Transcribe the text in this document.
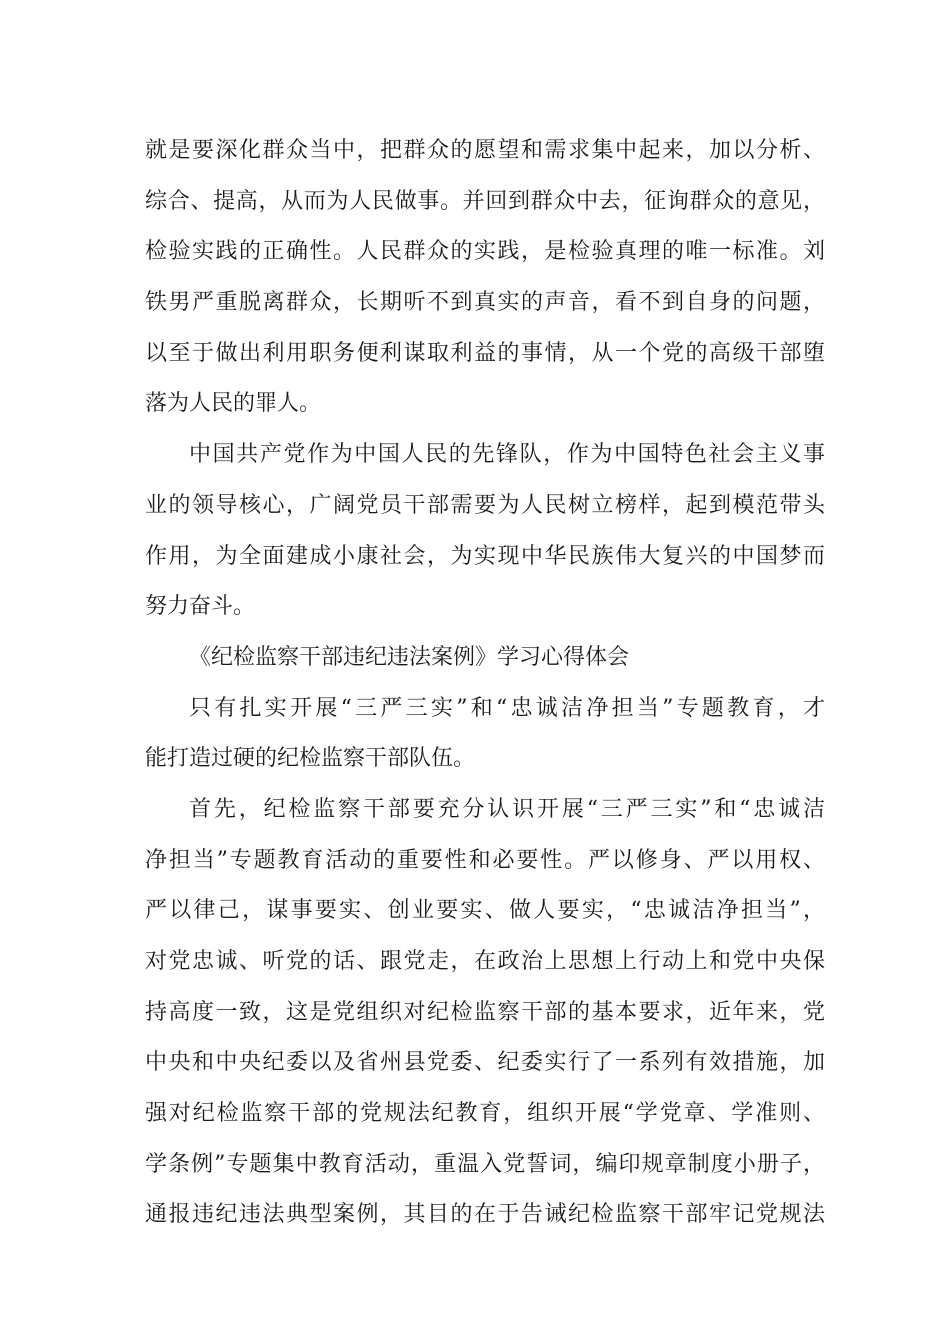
就是要深化群众当中，把群众的愿望和需求集中起来，加以分析、
综合、提高，从而为人民做事。并回到群众中去，征询群众的意见，
检验实践的正确性。人民群众的实践，是检验真理的唯一标准。刘
铁男严重脱离群众，长期听不到真实的声音，看不到自身的问题，
以至于做出利用职务便利谋取利益的事情，从一个党的高级干部堕
落为人民的罪人。
中国共产党作为中国人民的先锋队，作为中国特色社会主义事
业的领导核心，广阔党员干部需要为人民树立榜样，起到模范带头
作用，为全面建成小康社会，为实现中华民族伟大复兴的中国梦而
努力奋斗。
《纪检监察干部违纪违法案例》学习心得体会
只有扎实开展“三严三实”和“忠诚洁净担当”专题教育，才
能打造过硬的纪检监察干部队伍。
首先，纪检监察干部要充分认识开展“三严三实”和“忠诚洁
净担当”专题教育活动的重要性和必要性。严以修身、严以用权、
严以律己，谋事要实、创业要实、做人要实，“忠诚洁净担当”，
对党忠诚、听党的话、跟党走，在政治上思想上行动上和党中央保
持高度一致，这是党组织对纪检监察干部的基本要求，近年来，党
中央和中央纪委以及省州县党委、纪委实行了一系列有效措施，加
强对纪检监察干部的党规法纪教育，组织开展“学党章、学准则、
学条例”专题集中教育活动，重温入党誓词，编印规章制度小册子，
通报违纪违法典型案例，其目的在于告诫纪检监察干部牢记党规法
